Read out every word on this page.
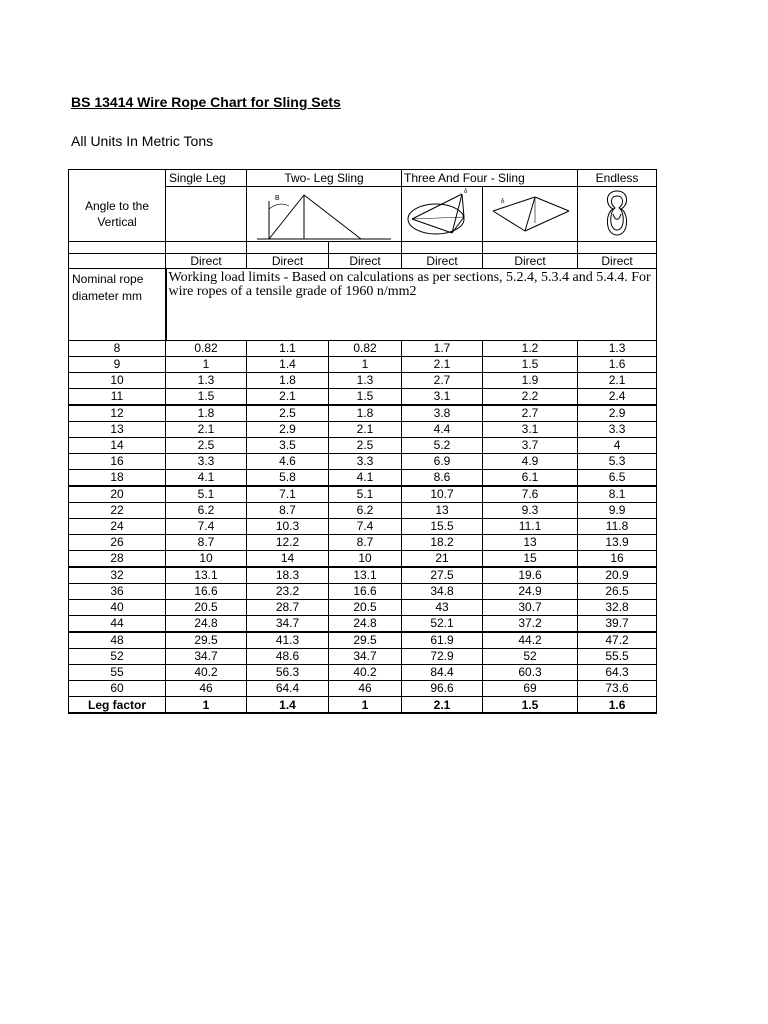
BS 13414 Wire Rope Chart for Sling Sets
All Units In Metric Tons
	Single Leg	Two- Leg Sling		Three And Four - Sling		Endless
Angle to the Vertical		B		δ	δ

	Direct	Direct	Direct	Direct	Direct	Direct
Nominal rope diameter mm	Working load limits - Based on calculations as per sections, 5.2.4, 5.3.4 and 5.4.4. For wire ropes of a tensile grade of 1960 n/mm2					
8	0.82	1.1	0.82	1.7	1.2	1.3
9	1	1.4	1	2.1	1.5	1.6
10	1.3	1.8	1.3	2.7	1.9	2.1
11	1.5	2.1	1.5	3.1	2.2	2.4
12	1.8	2.5	1.8	3.8	2.7	2.9
13	2.1	2.9	2.1	4.4	3.1	3.3
14	2.5	3.5	2.5	5.2	3.7	4
16	3.3	4.6	3.3	6.9	4.9	5.3
18	4.1	5.8	4.1	8.6	6.1	6.5
20	5.1	7.1	5.1	10.7	7.6	8.1
22	6.2	8.7	6.2	13	9.3	9.9
24	7.4	10.3	7.4	15.5	11.1	11.8
26	8.7	12.2	8.7	18.2	13	13.9
28	10	14	10	21	15	16
32	13.1	18.3	13.1	27.5	19.6	20.9
36	16.6	23.2	16.6	34.8	24.9	26.5
40	20.5	28.7	20.5	43	30.7	32.8
44	24.8	34.7	24.8	52.1	37.2	39.7
48	29.5	41.3	29.5	61.9	44.2	47.2
52	34.7	48.6	34.7	72.9	52	55.5
55	40.2	56.3	40.2	84.4	60.3	64.3
60	46	64.4	46	96.6	69	73.6
Leg factor	1	1.4	1	2.1	1.5	1.6
